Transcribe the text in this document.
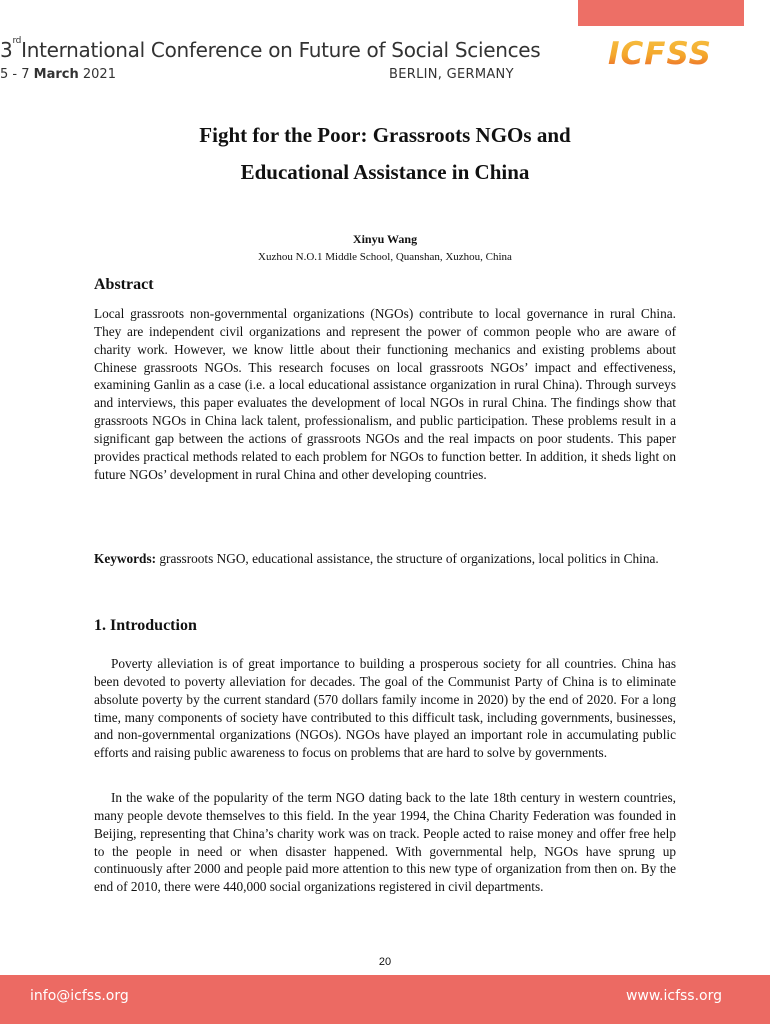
3rdInternational Conference on Future of Social Sciences
5 - 7 March 2021	BERLIN, GERMANY
ICFSS
Fight for the Poor: Grassroots NGOs and
Educational Assistance in China
Xinyu Wang
Xuzhou N.O.1 Middle School, Quanshan, Xuzhou, China
Abstract
Local grassroots non-governmental organizations (NGOs) contribute to local governance in rural China. They are independent civil organizations and represent the power of common people who are aware of charity work. However, we know little about their functioning mechanics and existing problems about Chinese grassroots NGOs. This research focuses on local grassroots NGOs’ impact and effectiveness, examining Ganlin as a case (i.e. a local educational assistance organization in rural China). Through surveys and interviews, this paper evaluates the development of local NGOs in rural China. The findings show that grassroots NGOs in China lack talent, professionalism, and public participation. These problems result in a significant gap between the actions of grassroots NGOs and the real impacts on poor students. This paper provides practical methods related to each problem for NGOs to function better. In addition, it sheds light on future NGOs’ development in rural China and other developing countries.
Keywords: grassroots NGO, educational assistance, the structure of organizations, local politics in China.
1. Introduction
Poverty alleviation is of great importance to building a prosperous society for all countries. China has been devoted to poverty alleviation for decades. The goal of the Communist Party of China is to eliminate absolute poverty by the current standard (570 dollars family income in 2020) by the end of 2020. For a long time, many components of society have contributed to this difficult task, including governments, businesses, and non-governmental organizations (NGOs). NGOs have played an important role in accumulating public efforts and raising public awareness to focus on problems that are hard to solve by governments.
In the wake of the popularity of the term NGO dating back to the late 18th century in western countries, many people devote themselves to this field. In the year 1994, the China Charity Federation was founded in Beijing, representing that China’s charity work was on track. People acted to raise money and offer free help to the people in need or when disaster happened. With governmental help, NGOs have sprung up continuously after 2000 and people paid more attention to this new type of organization from then on. By the end of 2010, there were 440,000 social organizations registered in civil departments.
20
info@icfss.org	www.icfss.org
